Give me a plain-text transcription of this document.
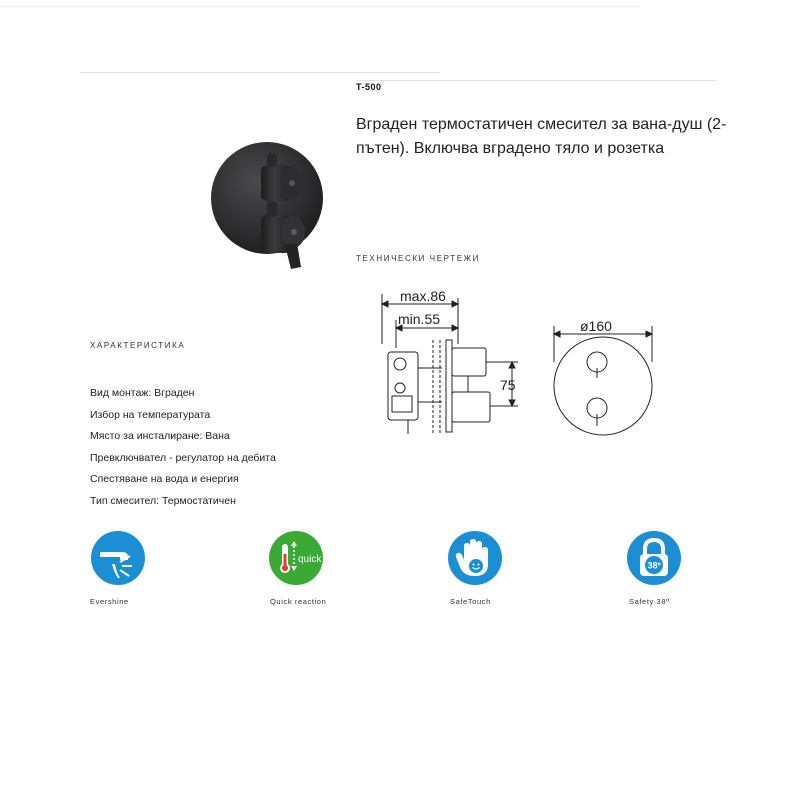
T-500
Вграден термостатичен смесител за вана-душ (2-пътен). Включва вградено тяло и розетка
ТЕХНИЧЕСКИ ЧЕРТЕЖИ
max.86
min.55
75
ø160
ХАРАКТЕРИСТИКА
Вид монтаж: Вграден
Избор на температурата
Място за инсталиране: Вана
Превключвател - регулатор на дебита
Спестяване на вода и енергия
Тип смесител: Термостатичен
Evershine
quick
Quick reaction	SafeTouch
38º
Safety 38º
